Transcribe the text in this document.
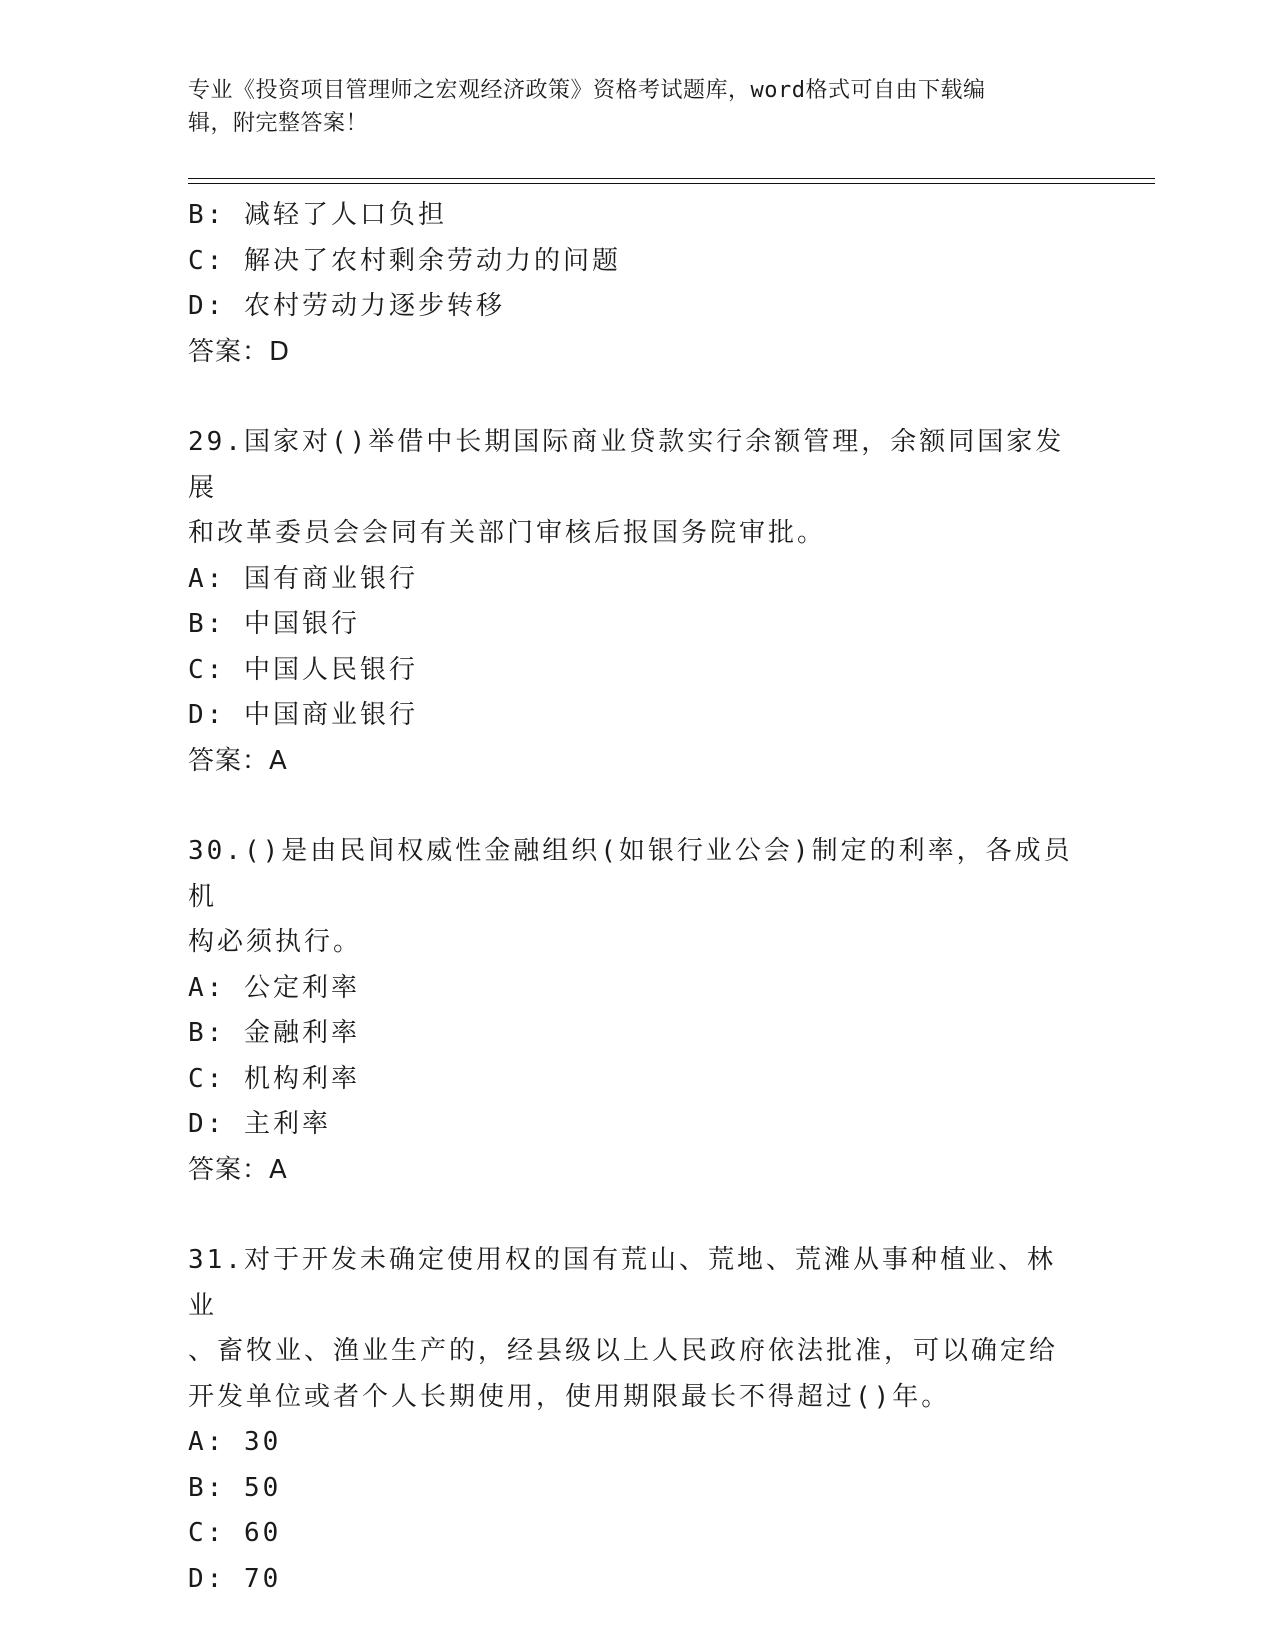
专业《投资项目管理师之宏观经济政策》资格考试题库，word格式可自由下载编
辑，附完整答案！
B: 减轻了人口负担
C: 解决了农村剩余劳动力的问题
D: 农村劳动力逐步转移
答案：D
29.国家对()举借中长期国际商业贷款实行余额管理，余额同国家发展
和改革委员会会同有关部门审核后报国务院审批。
A: 国有商业银行
B: 中国银行
C: 中国人民银行
D: 中国商业银行
答案：A
30.()是由民间权威性金融组织(如银行业公会)制定的利率，各成员机
构必须执行。
A: 公定利率
B: 金融利率
C: 机构利率
D: 主利率
答案：A
31.对于开发未确定使用权的国有荒山、荒地、荒滩从事种植业、林业
、畜牧业、渔业生产的，经县级以上人民政府依法批准，可以确定给
开发单位或者个人长期使用，使用期限最长不得超过()年。
A: 30
B: 50
C: 60
D: 70
